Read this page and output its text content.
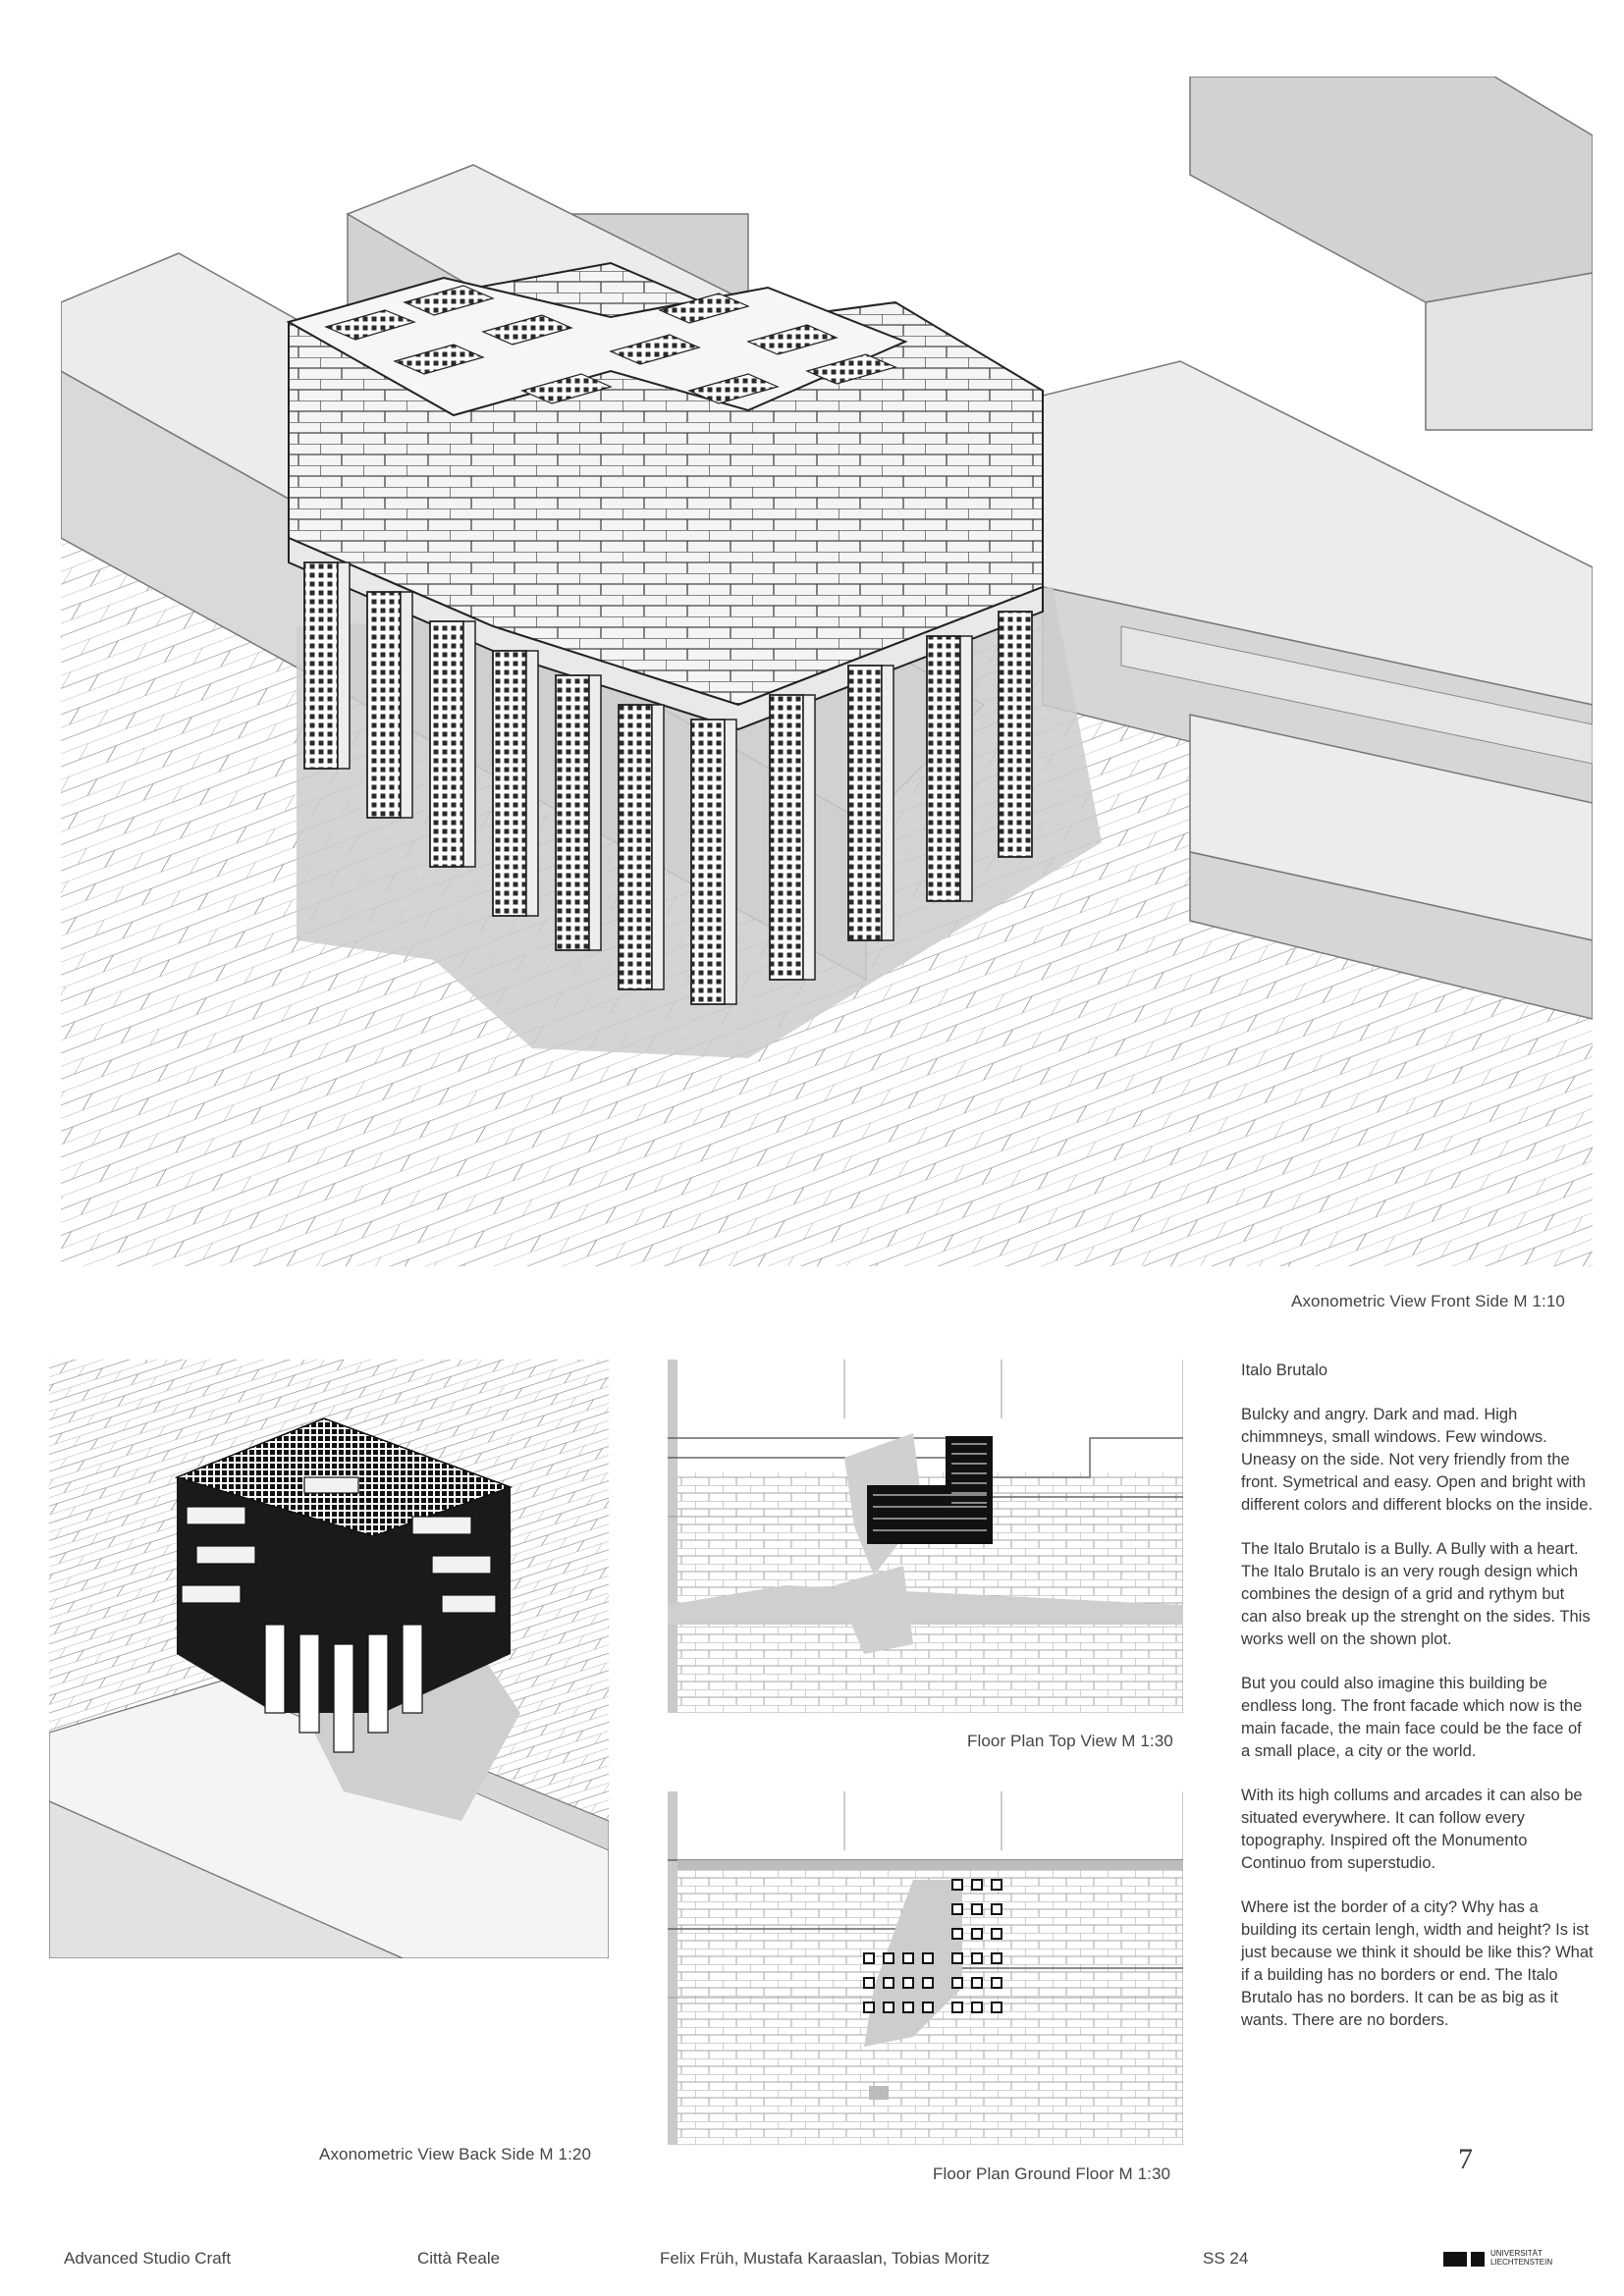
Axonometric View Front Side M 1:10
Axonometric View Back Side M 1:20
Floor Plan Top View M 1:30
Floor Plan Ground Floor M 1:30

Italo Brutalo

Bulcky and angry. Dark and mad. High chimmneys, small windows. Few windows. Uneasy on the side. Not very friendly from the front. Symetrical and easy. Open and bright with different colors and different blocks on the inside.

The Italo Brutalo is a Bully. A Bully with a heart. The Italo Brutalo is an very rough design which combines the design of a grid and rythym but can also break up the strenght on the sides. This works well on the shown plot.

But you could also imagine this building be endless long. The front facade which now is the main facade, the main face could be the face of a small place, a city or the world.

With its high collums and arcades it can also be situated everywhere. It can follow every topography. Inspired oft the Monumento Continuo from superstudio.

Where ist the border of a city? Why has a building its certain lengh, width and height? Is ist just because we think it should be like this? What if a building has no borders or end. The Italo Brutalo has no borders. It can be as big as it wants. There are no borders.

7
Advanced Studio Craft	Città Reale	Felix Früh, Mustafa Karaaslan, Tobias Moritz	SS 24	UNIVERSITÄT LIECHTENSTEIN
